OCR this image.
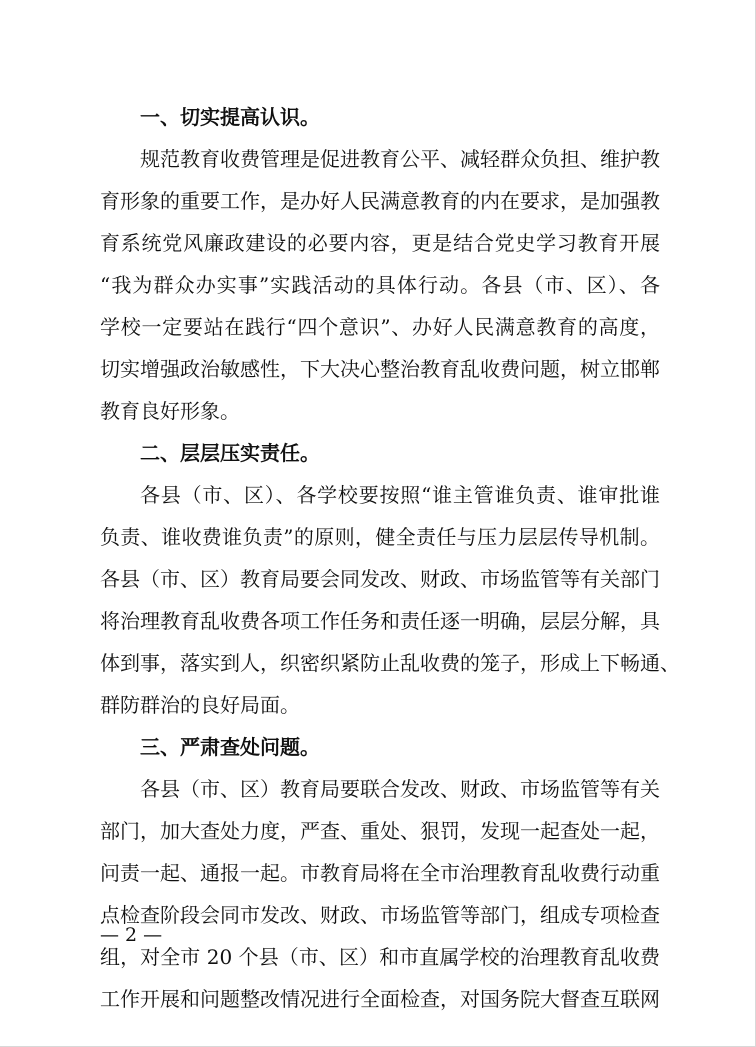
一、切实提高认识。

规范教育收费管理是促进教育公平、减轻群众负担、维护教
育形象的重要工作，是办好人民满意教育的内在要求，是加强教
育系统党风廉政建设的必要内容，更是结合党史学习教育开展
“我为群众办实事”实践活动的具体行动。各县（市、区）、各
学校一定要站在践行“四个意识”、办好人民满意教育的高度，
切实增强政治敏感性，下大决心整治教育乱收费问题，树立邯郸
教育良好形象。

二、层层压实责任。

各县（市、区）、各学校要按照“谁主管谁负责、谁审批谁
负责、谁收费谁负责”的原则，健全责任与压力层层传导机制。
各县（市、区）教育局要会同发改、财政、市场监管等有关部门
将治理教育乱收费各项工作任务和责任逐一明确，层层分解，具
体到事，落实到人，织密织紧防止乱收费的笼子，形成上下畅通、
群防群治的良好局面。

三、严肃查处问题。

各县（市、区）教育局要联合发改、财政、市场监管等有关
部门，加大查处力度，严查、重处、狠罚，发现一起查处一起，
问责一起、通报一起。市教育局将在全市治理教育乱收费行动重
点检查阶段会同市发改、财政、市场监管等部门，组成专项检查
组，对全市 20 个县（市、区）和市直属学校的治理教育乱收费
工作开展和问题整改情况进行全面检查，对国务院大督查互联网

— 2 —
